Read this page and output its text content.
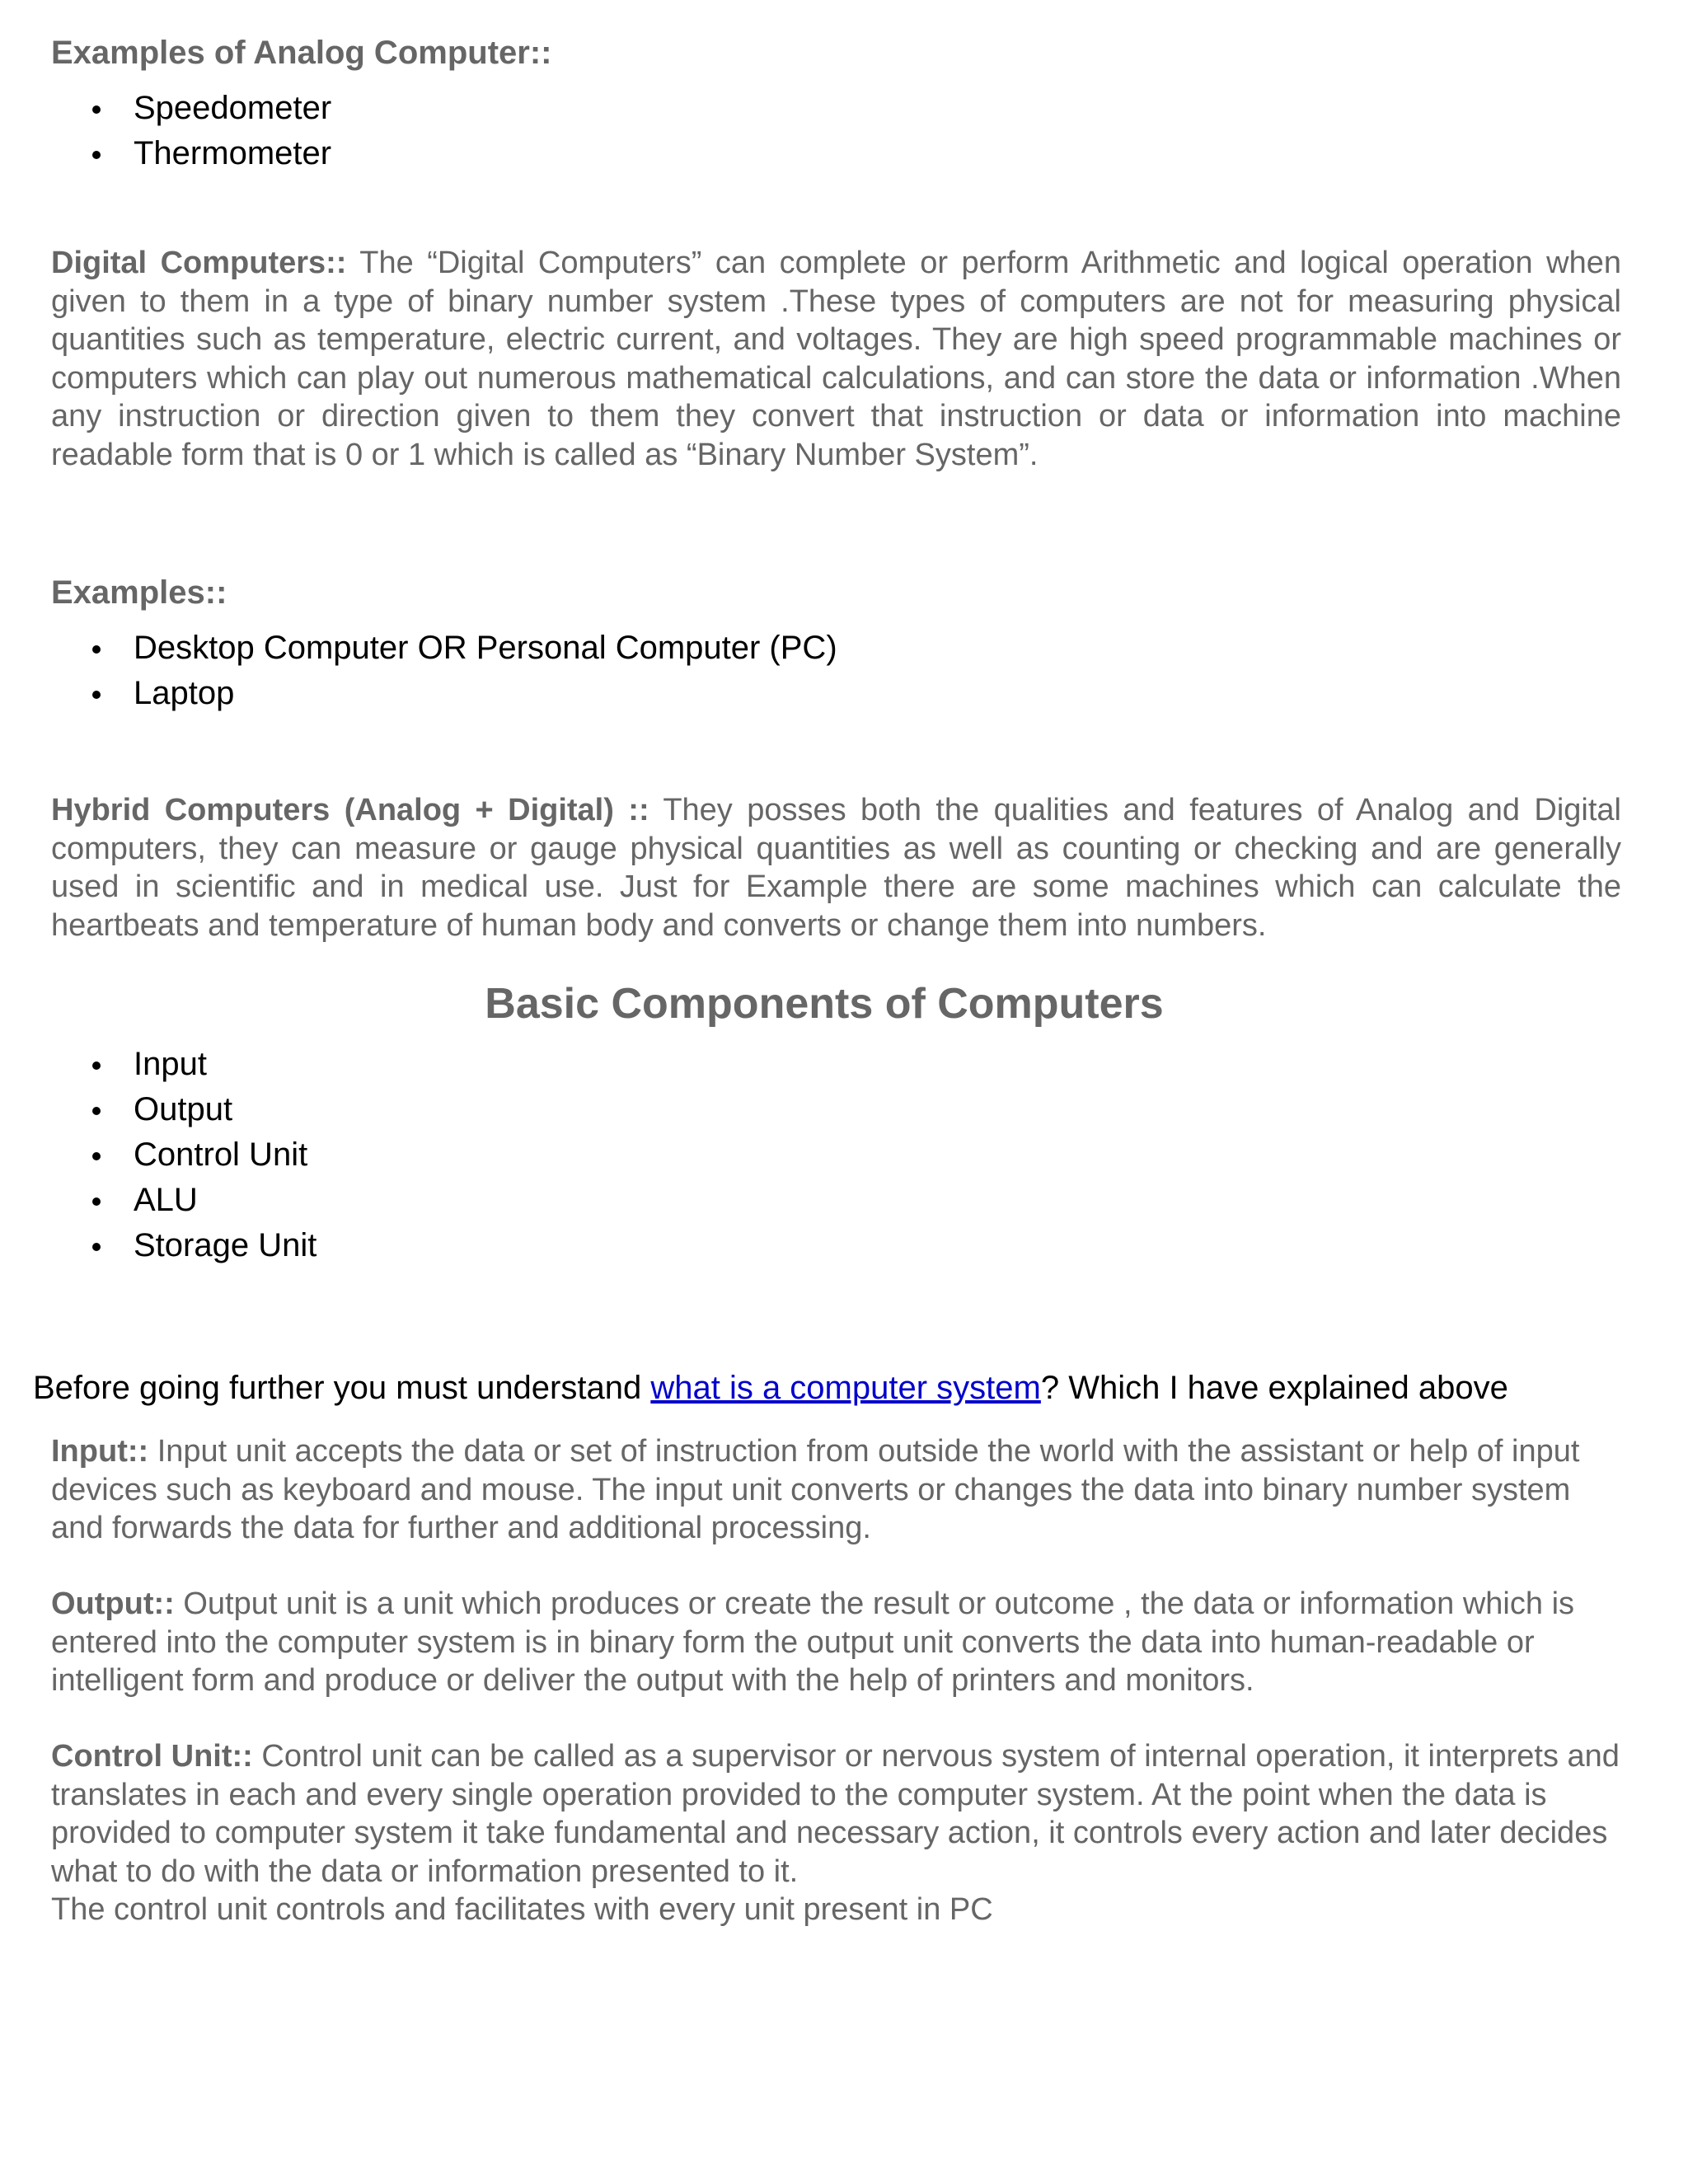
Examples of Analog Computer::

Speedometer
Thermometer

Digital Computers:: The “Digital Computers” can complete or perform Arithmetic and logical operation when given to them in a type of binary number system .These types of computers are not for measuring physical quantities such as temperature, electric current, and voltages. They are high speed programmable machines or computers which can play out numerous mathematical calculations, and can store the data or information .When any instruction or direction given to them they convert that instruction or data or information into machine readable form that is 0 or 1 which is called as “Binary Number System”.

Examples::

Desktop Computer OR Personal Computer (PC)
Laptop

Hybrid Computers (Analog + Digital) :: They posses both the qualities and features of Analog and Digital computers, they can measure or gauge physical quantities as well as counting or checking and are generally used in scientific and in medical use. Just for Example there are some machines which can calculate the heartbeats and temperature of human body and converts or change them into numbers.

Basic Components of Computers

Input
Output
Control Unit
ALU
Storage Unit

Before going further you must understand what is a computer system? Which I have explained above

Input:: Input unit accepts the data or set of instruction from outside the world with the assistant or help of input devices such as keyboard and mouse. The input unit converts or changes the data into binary number system and forwards the data for further and additional processing.

Output:: Output unit is a unit which produces or create the result or outcome , the data or information which is entered into the computer system is in binary form the output unit converts the data into human-readable or intelligent form and produce or deliver the output with the help of printers and monitors.

Control Unit:: Control unit can be called as a supervisor or nervous system of internal operation, it interprets and translates in each and every single operation provided to the computer system. At the point when the data is provided to computer system it take fundamental and necessary action, it controls every action and later decides what to do with the data or information presented to it.
The control unit controls and facilitates with every unit present in PC
